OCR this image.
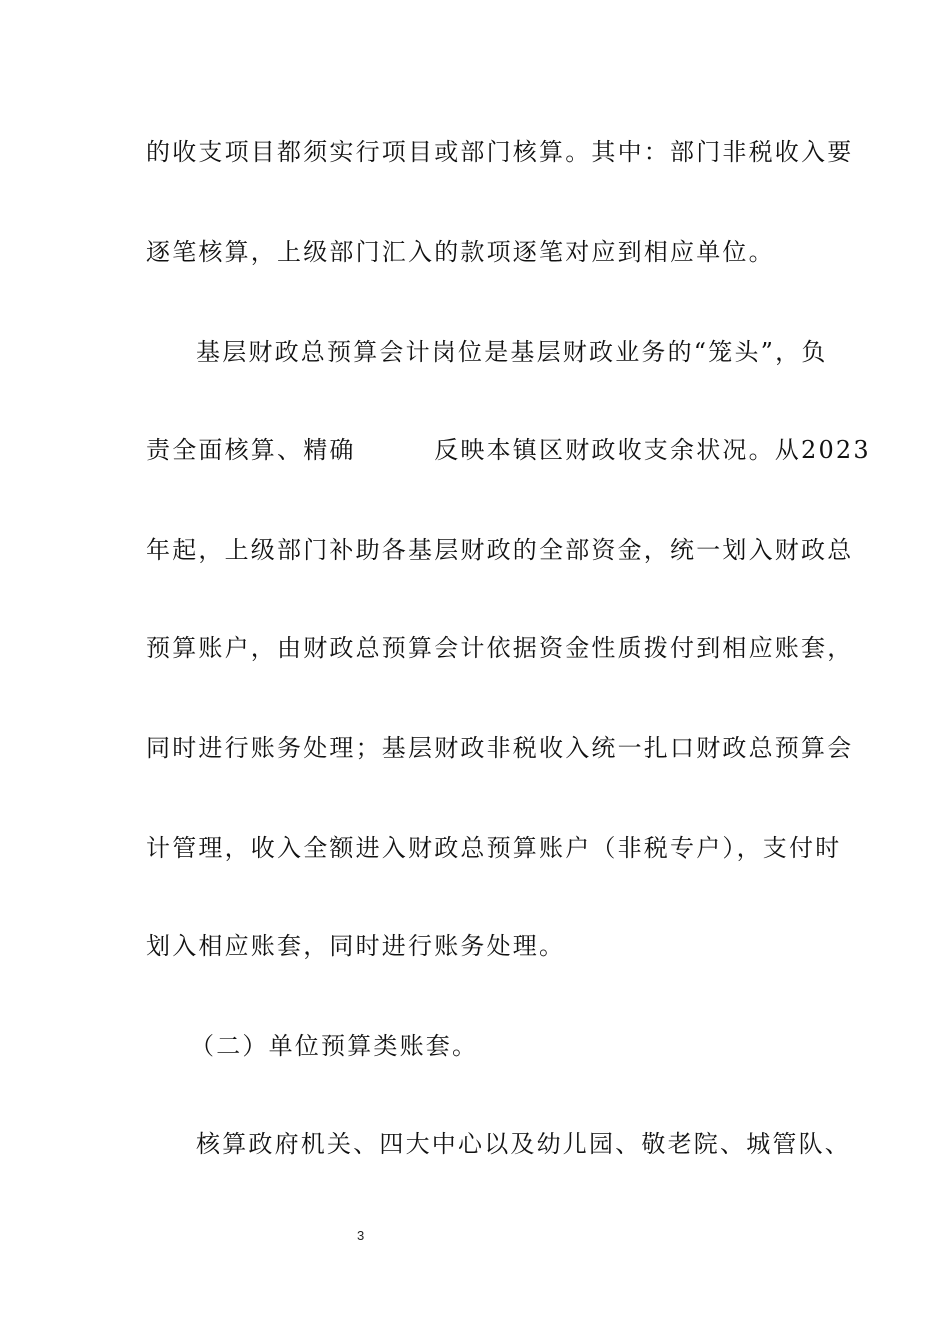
的收支项目都须实行项目或部门核算。其中：部门非税收入要
逐笔核算，上级部门汇入的款项逐笔对应到相应单位。
基层财政总预算会计岗位是基层财政业务的“笼头”，负
责全面核算、精确　　　反映本镇区财政收支余状况。从2023
年起，上级部门补助各基层财政的全部资金，统一划入财政总
预算账户，由财政总预算会计依据资金性质拨付到相应账套，
同时进行账务处理；基层财政非税收入统一扎口财政总预算会
计管理，收入全额进入财政总预算账户（非税专户），支付时
划入相应账套，同时进行账务处理。
（二）单位预算类账套。
核算政府机关、四大中心以及幼儿园、敬老院、城管队、
3
